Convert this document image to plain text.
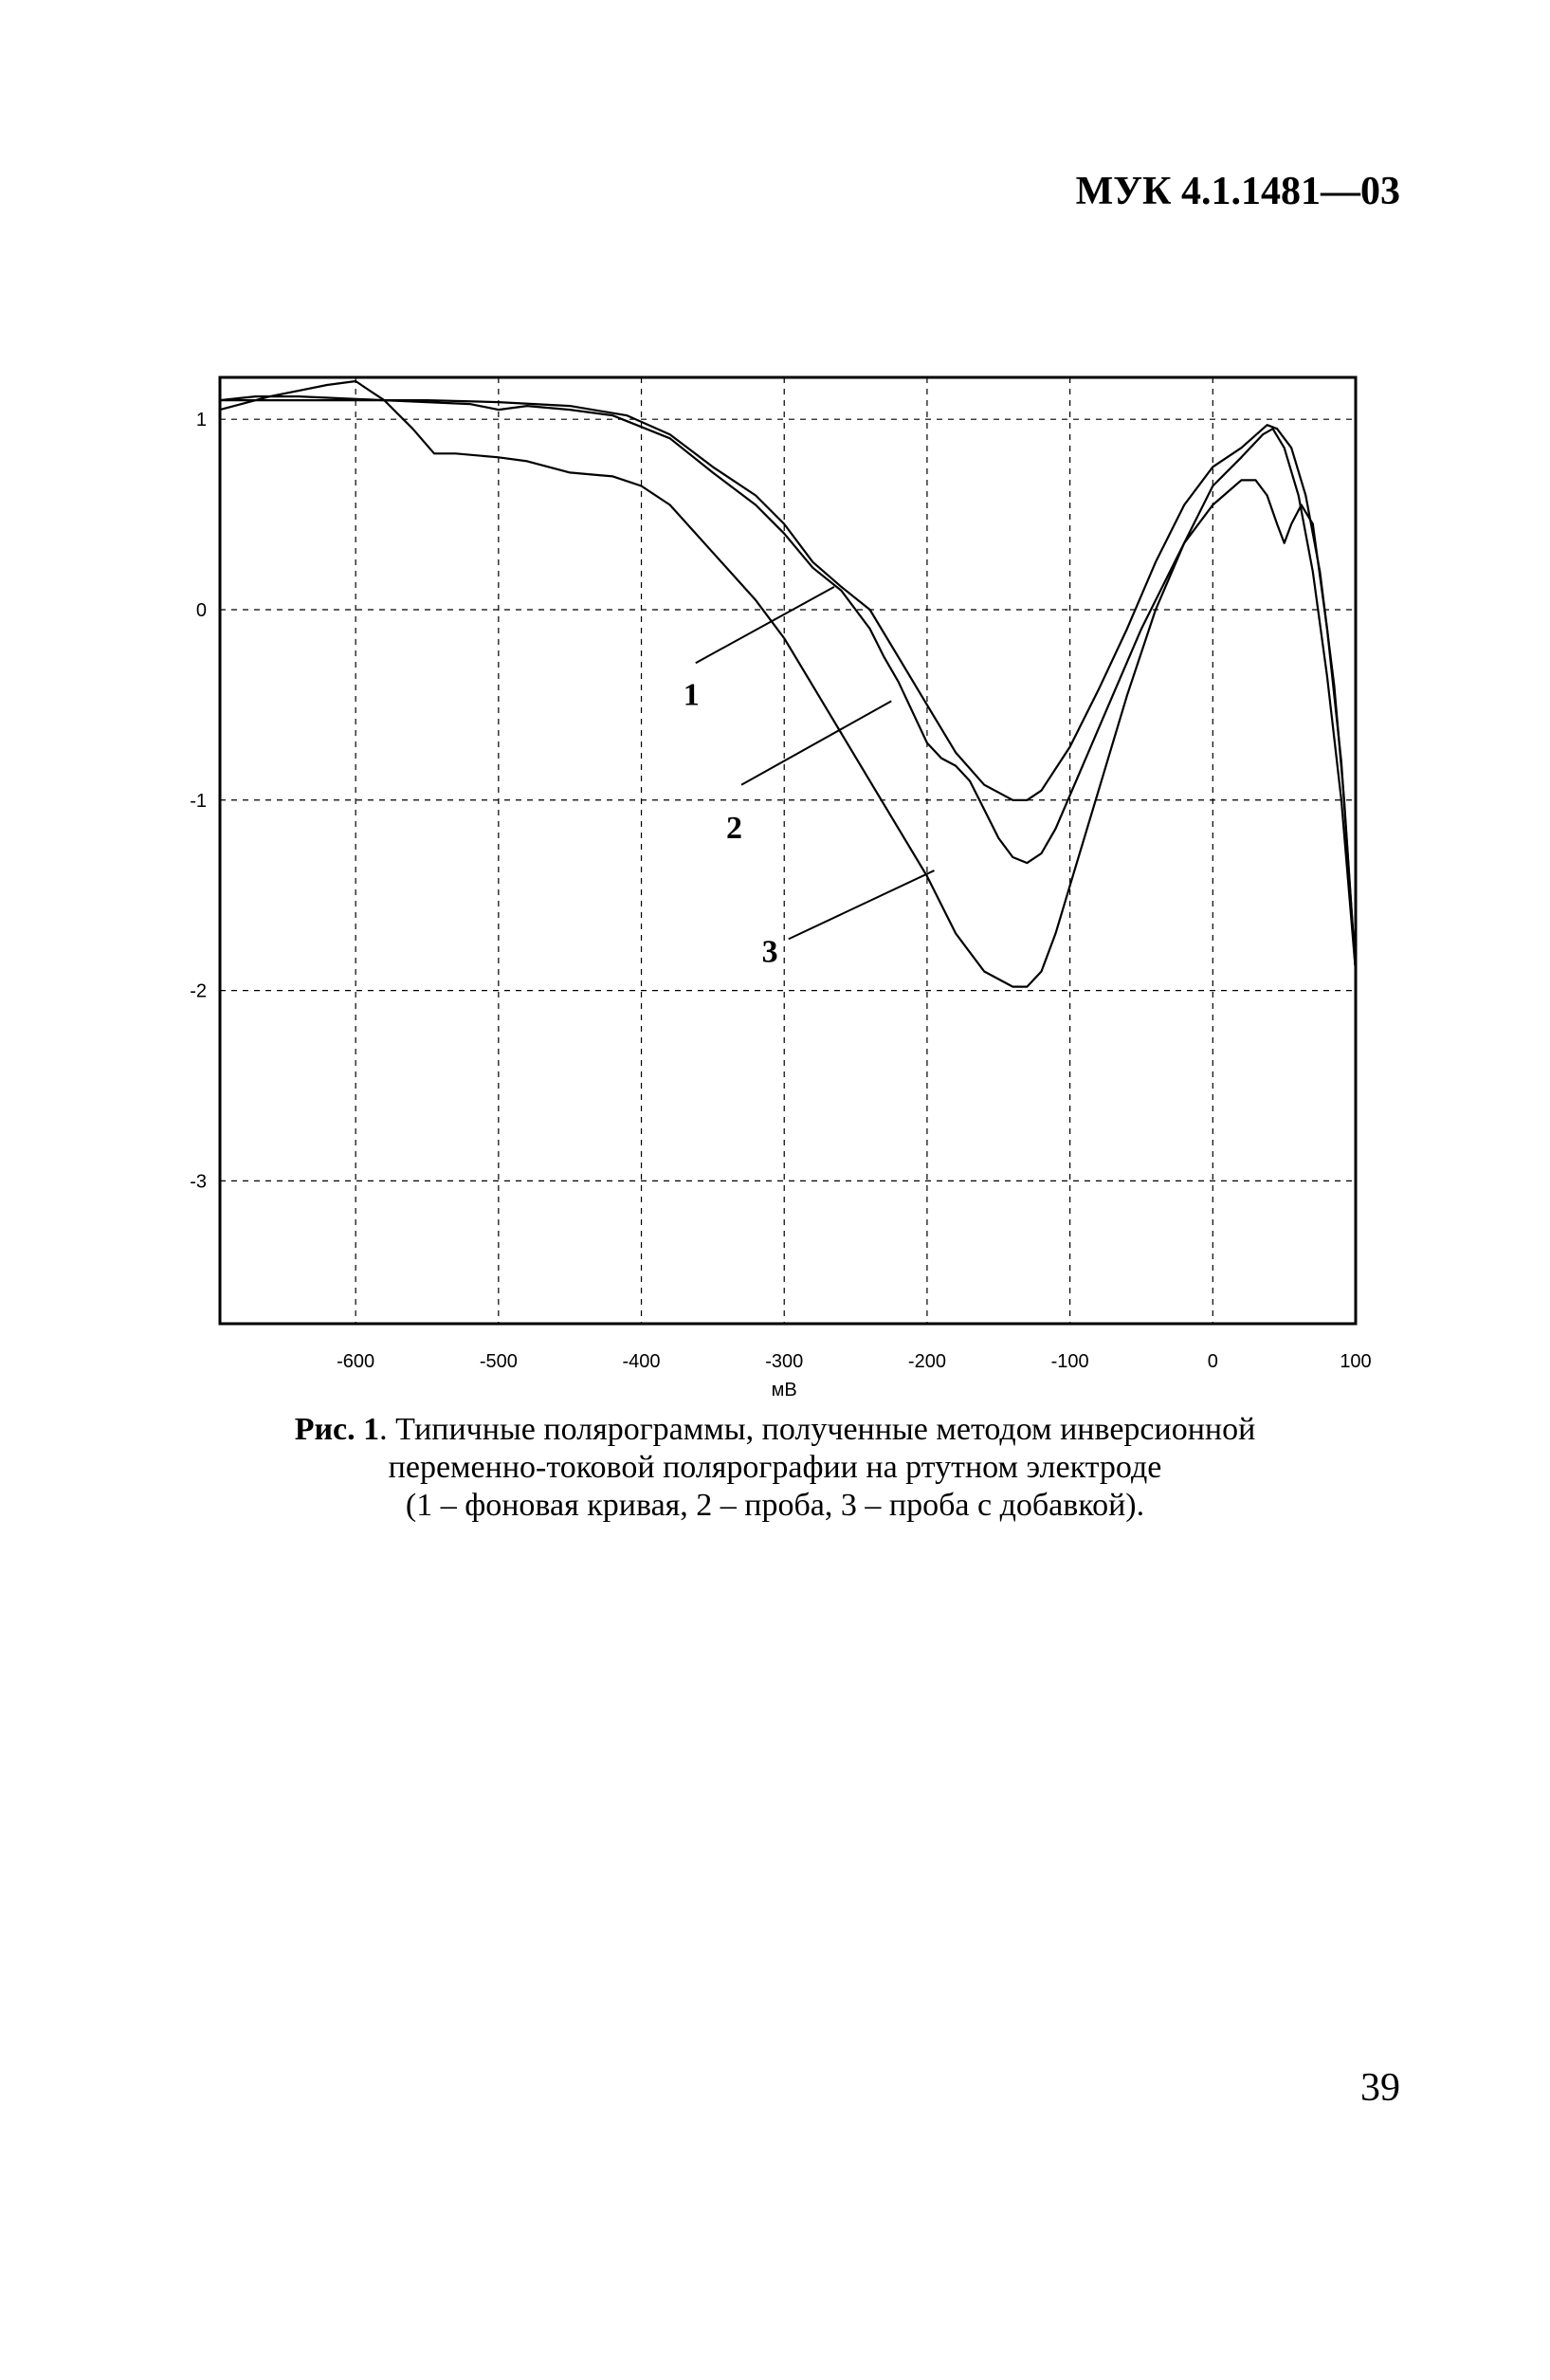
МУК 4.1.1481—03
-600	-500	-400	-300	-200	-100	0	100
1
0
-1
-2
-3
мВ
1
2
3
Рис. 1. Типичные полярограммы, полученные методом инверсионной
переменно-токовой полярографии на ртутном электроде
(1 – фоновая кривая, 2 – проба, 3 – проба с добавкой).
39
